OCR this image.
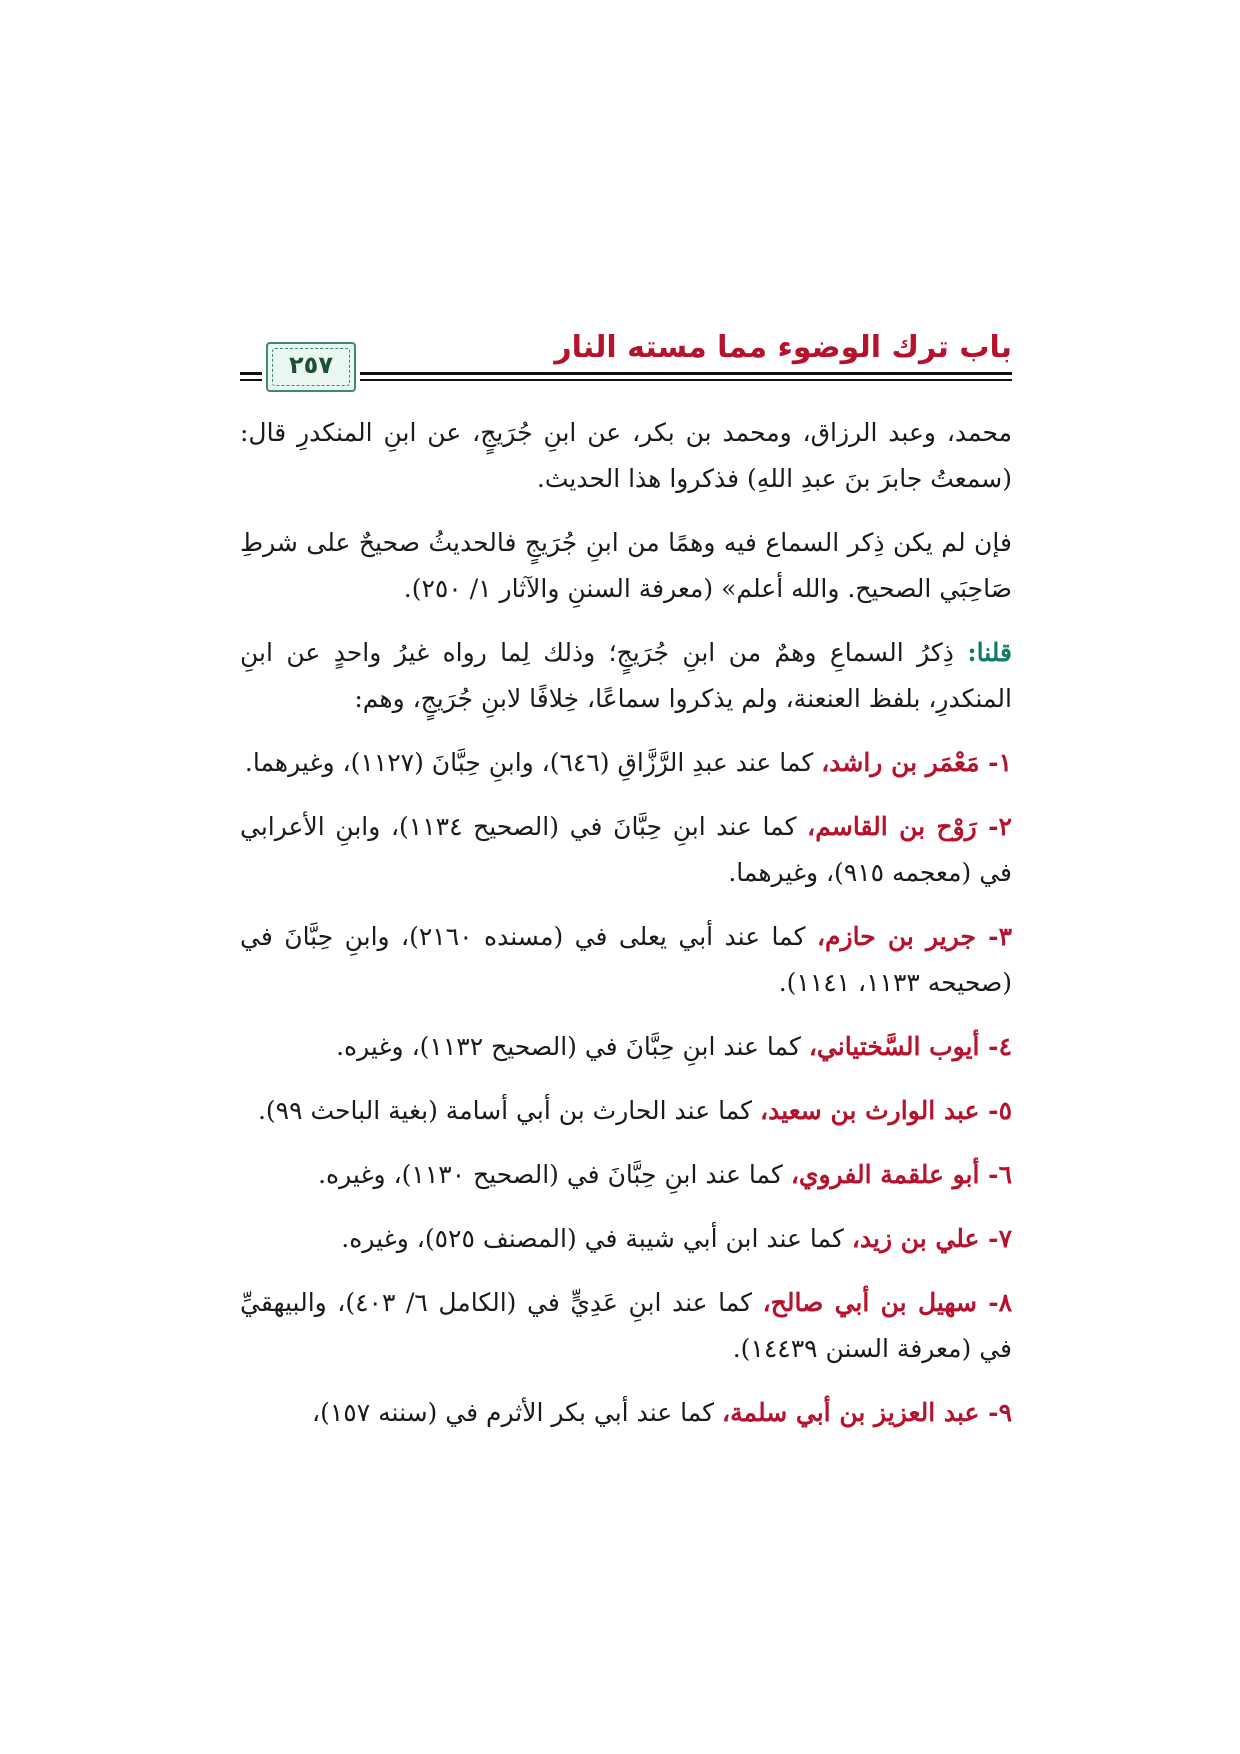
باب ترك الوضوء مما مسته النار
٢٥٧

محمد، وعبد الرزاق، ومحمد بن بكر، عن ابنِ جُرَيجٍ، عن ابنِ المنكدرِ قال: (سمعتُ جابرَ بنَ عبدِ اللهِ) فذكروا هذا الحديث.

فإن لم يكن ذِكر السماع فيه وهمًا من ابنِ جُرَيجٍ فالحديثُ صحيحٌ على شرطِ صَاحِبَي الصحيح. والله أعلم» (معرفة السننِ والآثار ١/ ٢٥٠).

قلنا: ذِكرُ السماعِ وهمٌ من ابنِ جُرَيجٍ؛ وذلك لِما رواه غيرُ واحدٍ عن ابنِ المنكدرِ، بلفظ العنعنة، ولم يذكروا سماعًا، خِلافًا لابنِ جُرَيجٍ، وهم:

١- مَعْمَر بن راشد، كما عند عبدِ الرَّزَّاقِ (٦٤٦)، وابنِ حِبَّانَ (١١٢٧)، وغيرهما.

٢- رَوْح بن القاسم، كما عند ابنِ حِبَّانَ في (الصحيح ١١٣٤)، وابنِ الأعرابي في (معجمه ٩١٥)، وغيرهما.

٣- جرير بن حازم، كما عند أبي يعلى في (مسنده ٢١٦٠)، وابنِ حِبَّانَ في (صحيحه ١١٣٣، ١١٤١).

٤- أيوب السَّختياني، كما عند ابنِ حِبَّانَ في (الصحيح ١١٣٢)، وغيره.

٥- عبد الوارث بن سعيد، كما عند الحارث بن أبي أسامة (بغية الباحث ٩٩).

٦- أبو علقمة الفروي، كما عند ابنِ حِبَّانَ في (الصحيح ١١٣٠)، وغيره.

٧- علي بن زيد، كما عند ابن أبي شيبة في (المصنف ٥٢٥)، وغيره.

٨- سهيل بن أبي صالح، كما عند ابنِ عَدِيٍّ في (الكامل ٦/ ٤٠٣)، والبيهقيِّ في (معرفة السنن ١٤٤٣٩).

٩- عبد العزيز بن أبي سلمة، كما عند أبي بكر الأثرم في (سننه ١٥٧)،
